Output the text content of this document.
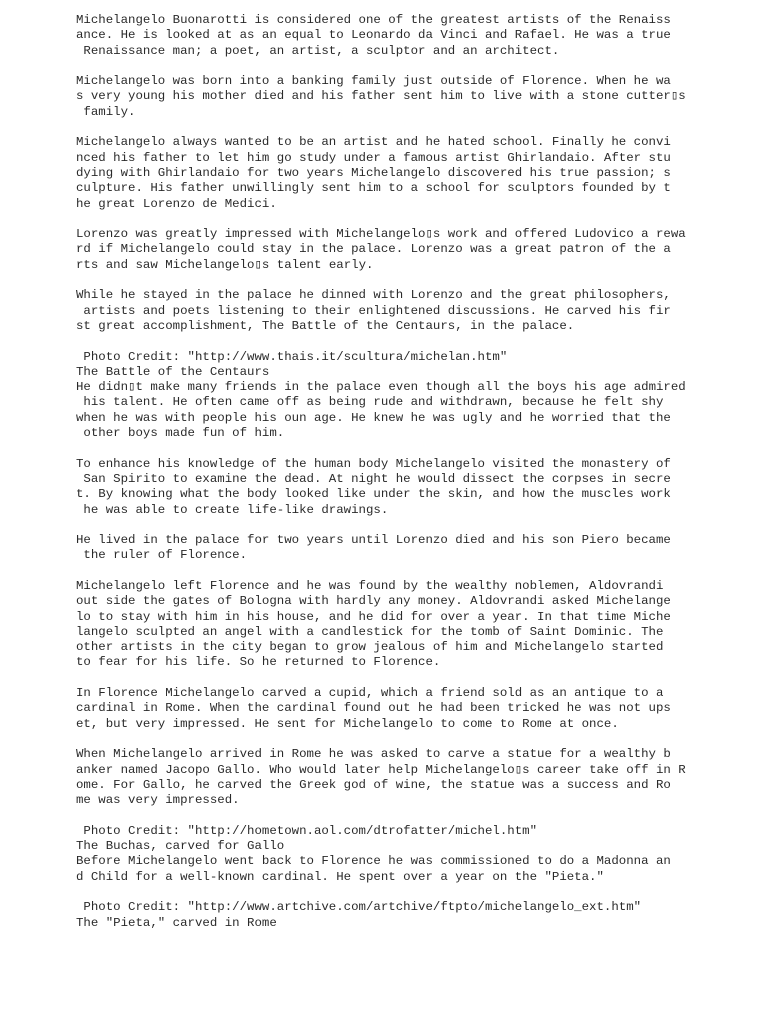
Michelangelo Buonarotti is considered one of the greatest artists of the Renaiss
ance. He is looked at as an equal to Leonardo da Vinci and Rafael. He was a true
Renaissance man; a poet, an artist, a sculptor and an architect.
Michelangelo was born into a banking family just outside of Florence. When he wa
s very young his mother died and his father sent him to live with a stone cutter▯s
family.
Michelangelo always wanted to be an artist and he hated school. Finally he convi
nced his father to let him go study under a famous artist Ghirlandaio. After stu
dying with Ghirlandaio for two years Michelangelo discovered his true passion; s
culpture. His father unwillingly sent him to a school for sculptors founded by t
he great Lorenzo de Medici.
Lorenzo was greatly impressed with Michelangelo▯s work and offered Ludovico a rewa
rd if Michelangelo could stay in the palace. Lorenzo was a great patron of the a
rts and saw Michelangelo▯s talent early.
While he stayed in the palace he dinned with Lorenzo and the great philosophers,
artists and poets listening to their enlightened discussions. He carved his fir
st great accomplishment, The Battle of the Centaurs, in the palace.
Photo Credit: "http://www.thais.it/scultura/michelan.htm"
The Battle of the Centaurs
He didn▯t make many friends in the palace even though all the boys his age admired
his talent. He often came off as being rude and withdrawn, because he felt shy
when he was with people his oun age. He knew he was ugly and he worried that the
other boys made fun of him.
To enhance his knowledge of the human body Michelangelo visited the monastery of
San Spirito to examine the dead. At night he would dissect the corpses in secre
t. By knowing what the body looked like under the skin, and how the muscles work
he was able to create life-like drawings.
He lived in the palace for two years until Lorenzo died and his son Piero became
the ruler of Florence.
Michelangelo left Florence and he was found by the wealthy noblemen, Aldovrandi
out side the gates of Bologna with hardly any money. Aldovrandi asked Michelange
lo to stay with him in his house, and he did for over a year. In that time Miche
langelo sculpted an angel with a candlestick for the tomb of Saint Dominic. The
other artists in the city began to grow jealous of him and Michelangelo started
to fear for his life. So he returned to Florence.
In Florence Michelangelo carved a cupid, which a friend sold as an antique to a
cardinal in Rome. When the cardinal found out he had been tricked he was not ups
et, but very impressed. He sent for Michelangelo to come to Rome at once.
When Michelangelo arrived in Rome he was asked to carve a statue for a wealthy b
anker named Jacopo Gallo. Who would later help Michelangelo▯s career take off in R
ome. For Gallo, he carved the Greek god of wine, the statue was a success and Ro
me was very impressed.
Photo Credit: "http://hometown.aol.com/dtrofatter/michel.htm"
The Buchas, carved for Gallo
Before Michelangelo went back to Florence he was commissioned to do a Madonna an
d Child for a well-known cardinal. He spent over a year on the "Pieta."
Photo Credit: "http://www.artchive.com/artchive/ftpto/michelangelo_ext.htm"
The "Pieta," carved in Rome
